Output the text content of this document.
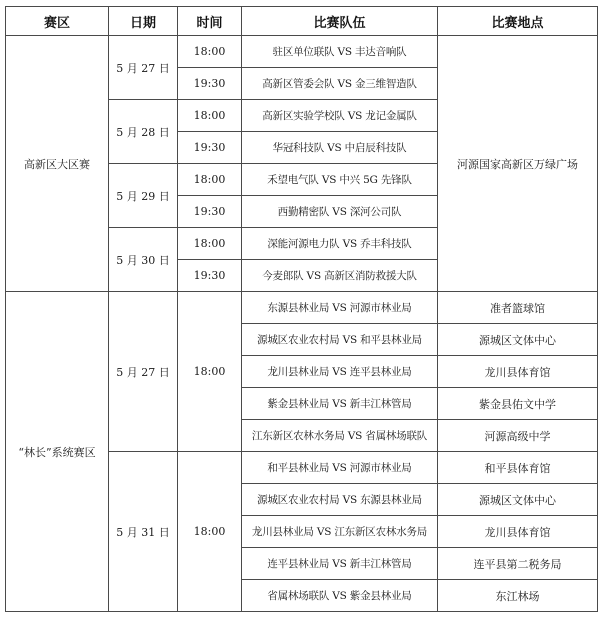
赛区	日期	时间	比赛队伍	比赛地点
高新区大区赛	5 月 27 日	18:00	驻区单位联队 VS 丰达音响队	河源国家高新区万绿广场
		19:30	高新区管委会队 VS 金三维智造队	
	5 月 28 日	18:00	高新区实验学校队 VS 龙记金属队	
		19:30	华冠科技队 VS 中启辰科技队	
	5 月 29 日	18:00	禾望电气队 VS 中兴 5G 先锋队	
		19:30	西勤精密队 VS 深河公司队	
	5 月 30 日	18:00	深能河源电力队 VS 乔丰科技队	
		19:30	今麦郎队 VS 高新区消防救援大队	
“林长”系统赛区	5 月 27 日	18:00	东源县林业局 VS 河源市林业局	准者篮球馆
			源城区农业农村局 VS 和平县林业局	源城区文体中心
			龙川县林业局 VS 连平县林业局	龙川县体育馆
			紫金县林业局 VS 新丰江林管局	紫金县佑文中学
			江东新区农林水务局 VS 省属林场联队	河源高级中学
	5 月 31 日	18:00	和平县林业局 VS 河源市林业局	和平县体育馆
			源城区农业农村局 VS 东源县林业局	源城区文体中心
			龙川县林业局 VS 江东新区农林水务局	龙川县体育馆
			连平县林业局 VS 新丰江林管局	连平县第二税务局
			省属林场联队 VS 紫金县林业局	东江林场
